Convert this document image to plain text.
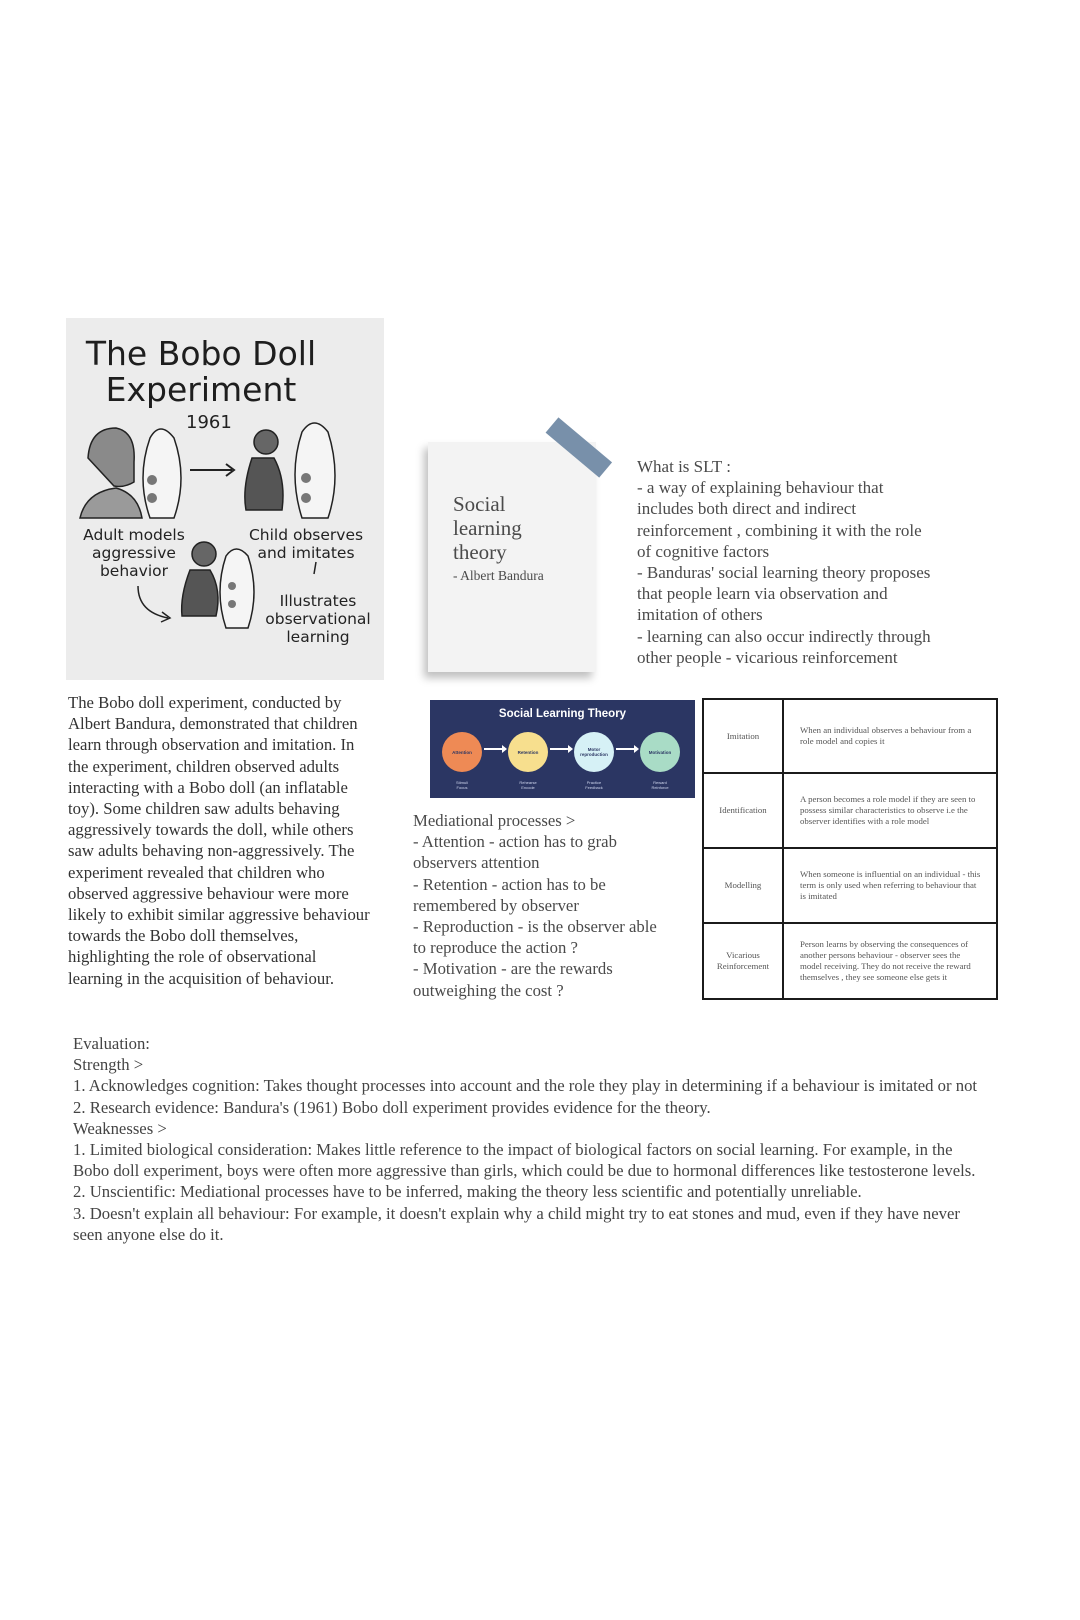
The Bobo Doll
Experiment
1961
Adult models
aggressive
behavior
Child observes
and imitates
Illustrates
observational
learning
Social
learning
theory
- Albert Bandura
What is SLT :
- a way of explaining behaviour that
includes both direct and indirect
reinforcement , combining it with the role
of cognitive factors
- Banduras' social learning theory proposes
that people learn via observation and
imitation of others
- learning can also occur indirectly through
other people - vicarious reinforcement
The Bobo doll experiment, conducted by
Albert Bandura, demonstrated that children
learn through observation and imitation. In
the experiment, children observed adults
interacting with a Bobo doll (an inflatable
toy). Some children saw adults behaving
aggressively towards the doll, while others
saw adults behaving non-aggressively. The
experiment revealed that children who
observed aggressive behaviour were more
likely to exhibit similar aggressive behaviour
towards the Bobo doll themselves,
highlighting the role of observational
learning in the acquisition of behaviour.
Social Learning Theory
Attention	Retention	Motor reproduction	Motivation
Stimuli
Focus
Rehearse
Encode
Practice
Feedback
Reward
Reinforce
Mediational processes >
- Attention - action has to grab
observers attention
- Retention - action has to be
remembered by observer
- Reproduction - is the observer able
to reproduce the action ?
- Motivation - are the rewards
outweighing the cost ?
Imitation	When an individual observes a behaviour from a role model and copies it
Identification	A person becomes a role model if they are seen to possess similar characteristics to observe i.e the observer identifies with a role model
Modelling	When someone is influential on an individual - this term is only used when referring to behaviour that is imitated
Vicarious Reinforcement	Person learns by observing the consequences of another persons behaviour - observer sees the model receiving. They do not receive the reward themselves , they see someone else gets it

Evaluation:

Strength >

1. Acknowledges cognition: Takes thought processes into account and the role they play in determining if a behaviour is imitated or not

2. Research evidence: Bandura's (1961) Bobo doll experiment provides evidence for the theory.

Weaknesses >

1. Limited biological consideration: Makes little reference to the impact of biological factors on social learning. For example, in the Bobo doll experiment, boys were often more aggressive than girls, which could be due to hormonal differences like testosterone levels.

2. Unscientific: Mediational processes have to be inferred, making the theory less scientific and potentially unreliable.

3. Doesn't explain all behaviour: For example, it doesn't explain why a child might try to eat stones and mud, even if they have never seen anyone else do it.
